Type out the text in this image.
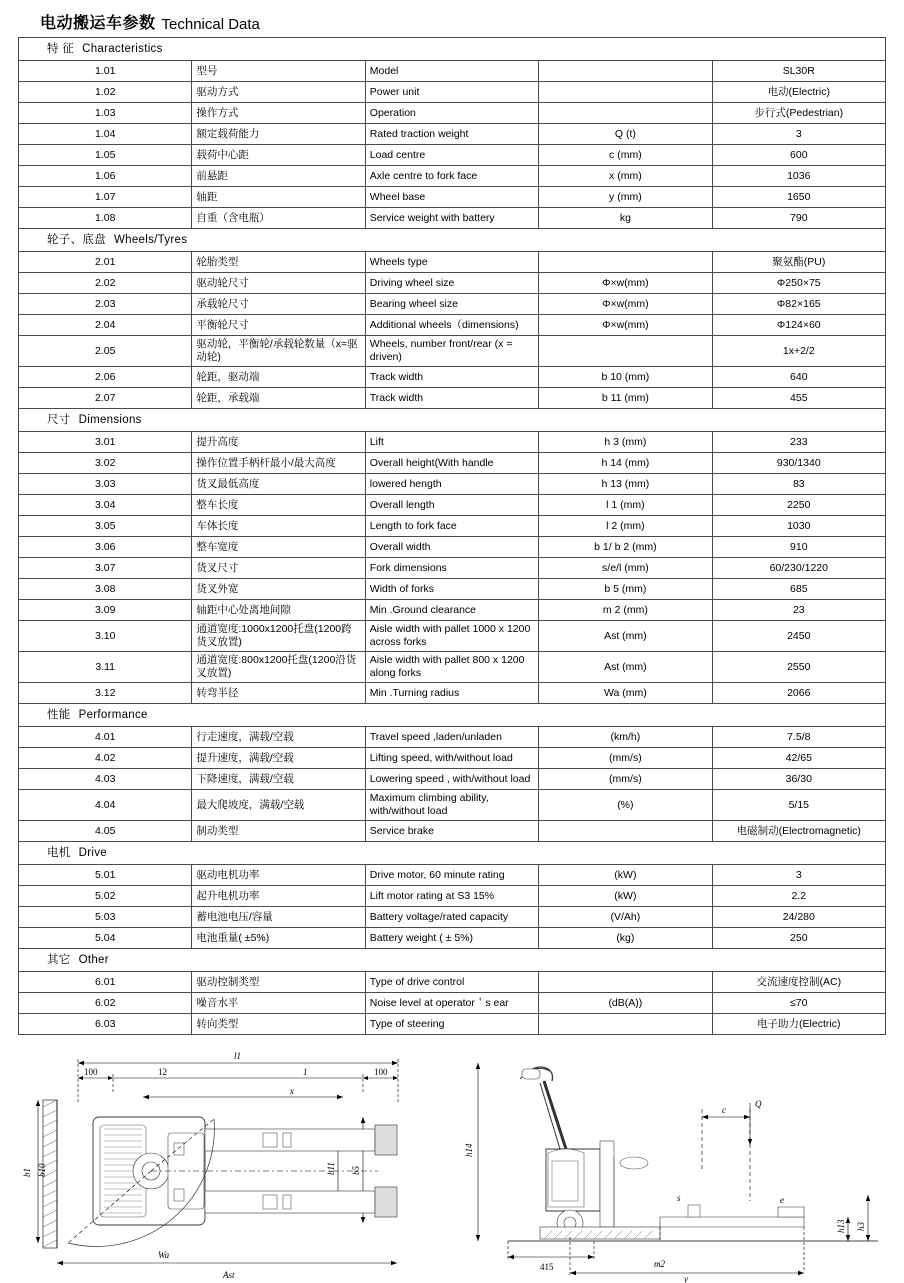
电动搬运车参数 Technical Data
特 征 Characteristics				
1.01	型号	Model		SL30R
1.02	驱动方式	Power unit		电动(Electric)
1.03	操作方式	Operation		步行式(Pedestrian)
1.04	额定载荷能力	Rated traction weight	Q (t)	3
1.05	载荷中心距	Load centre	c (mm)	600
1.06	前悬距	Axle centre to fork face	x (mm)	1036
1.07	轴距	Wheel base	y (mm)	1650
1.08	自重（含电瓶）	Service weight with battery	kg	790
轮子、底盘 Wheels/Tyres				
2.01	轮胎类型	Wheels type		聚氨酯(PU)
2.02	驱动轮尺寸	Driving wheel size	Φ×w(mm)	Φ250×75
2.03	承载轮尺寸	Bearing wheel size	Φ×w(mm)	Φ82×165
2.04	平衡轮尺寸	Additional wheels（dimensions)	Φ×w(mm)	Φ124×60
2.05	驱动轮，平衡轮/承载轮数量（x=驱动轮)	Wheels, number front/rear (x = driven)		1x+2/2
2.06	轮距，驱动端	Track width	b 10 (mm)	640
2.07	轮距，承载端	Track width	b 11 (mm)	455
尺寸 Dimensions				
3.01	提升高度	Lift	h 3 (mm)	233
3.02	操作位置手柄杆最小/最大高度	Overall height(With handle	h 14 (mm)	930/1340
3.03	货叉最低高度	lowered hength	h 13 (mm)	83
3.04	整车长度	Overall length	l 1 (mm)	2250
3.05	车体长度	Length to fork face	l 2 (mm)	1030
3.06	整车宽度	Overall width	b 1/ b 2 (mm)	910
3.07	货叉尺寸	Fork dimensions	s/e/l (mm)	60/230/1220
3.08	货叉外宽	Width of forks	b 5 (mm)	685
3.09	轴距中心处离地间隙	Min .Ground clearance	m 2 (mm)	23
3.10	通道宽度:1000x1200托盘(1200跨货叉放置)	Aisle width with pallet 1000 x 1200 across forks	Ast (mm)	2450
3.11	通道宽度:800x1200托盘(1200沿货叉放置)	Aisle width with pallet 800 x 1200 along forks	Ast (mm)	2550
3.12	转弯半径	Min .Turning radius	Wa (mm)	2066
性能 Performance				
4.01	行走速度，满载/空载	Travel speed ,laden/unladen	(km/h)	7.5/8
4.02	提升速度，满载/空载	Lifting speed, with/without load	(mm/s)	42/65
4.03	下降速度，满载/空载	Lowering speed , with/without load	(mm/s)	36/30
4.04	最大爬坡度，满载/空载	Maximum climbing ability, with/without load	(%)	5/15
4.05	制动类型	Service brake		电磁制动(Electromagnetic)
电机 Drive				
5.01	驱动电机功率	Drive motor, 60 minute rating	(kW)	3
5.02	起升电机功率	Lift motor rating at S3 15%	(kW)	2.2
5.03	蓄电池电压/容量	Battery voltage/rated capacity	(V/Ah)	24/280
5.04	电池重量( ±5%)	Battery weight ( ± 5%)	(kg)	250
其它 Other				
6.01	驱动控制类型	Type of drive control		交流速度控制(AC)
6.02	噪音水平	Noise level at operator＇s ear	(dB(A))	≤70
6.03	转向类型	Type of steering		电子助力(Electric)
l1
100	12	1	100
x
b1 b10	b11 b5
Wa
Ast
h14
c
Q
h13 h3
415	m2
y
s	e
